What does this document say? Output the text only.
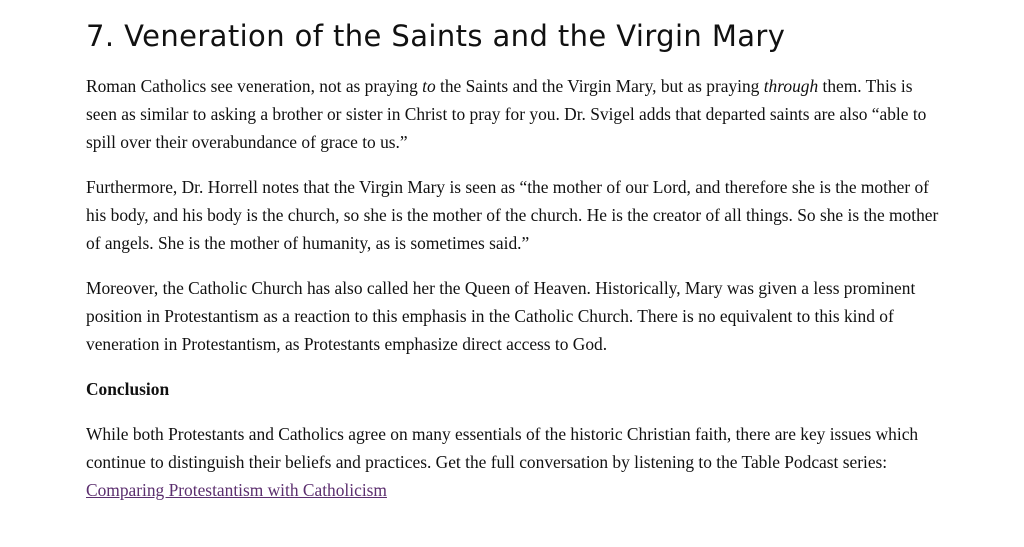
7. Veneration of the Saints and the Virgin Mary

Roman Catholics see veneration, not as praying to the Saints and the Virgin Mary, but as praying through them. This is seen as similar to asking a brother or sister in Christ to pray for you. Dr. Svigel adds that departed saints are also “able to spill over their overabundance of grace to us.”

Furthermore, Dr. Horrell notes that the Virgin Mary is seen as “the mother of our Lord, and therefore she is the mother of his body, and his body is the church, so she is the mother of the church. He is the creator of all things. So she is the mother of angels. She is the mother of humanity, as is sometimes said.”

Moreover, the Catholic Church has also called her the Queen of Heaven. Historically, Mary was given a less prominent position in Protestantism as a reaction to this emphasis in the Catholic Church. There is no equivalent to this kind of veneration in Protestantism, as Protestants emphasize direct access to God.

Conclusion

While both Protestants and Catholics agree on many essentials of the historic Christian faith, there are key issues which continue to distinguish their beliefs and practices. Get the full conversation by listening to the Table Podcast series: Comparing Protestantism with Catholicism
